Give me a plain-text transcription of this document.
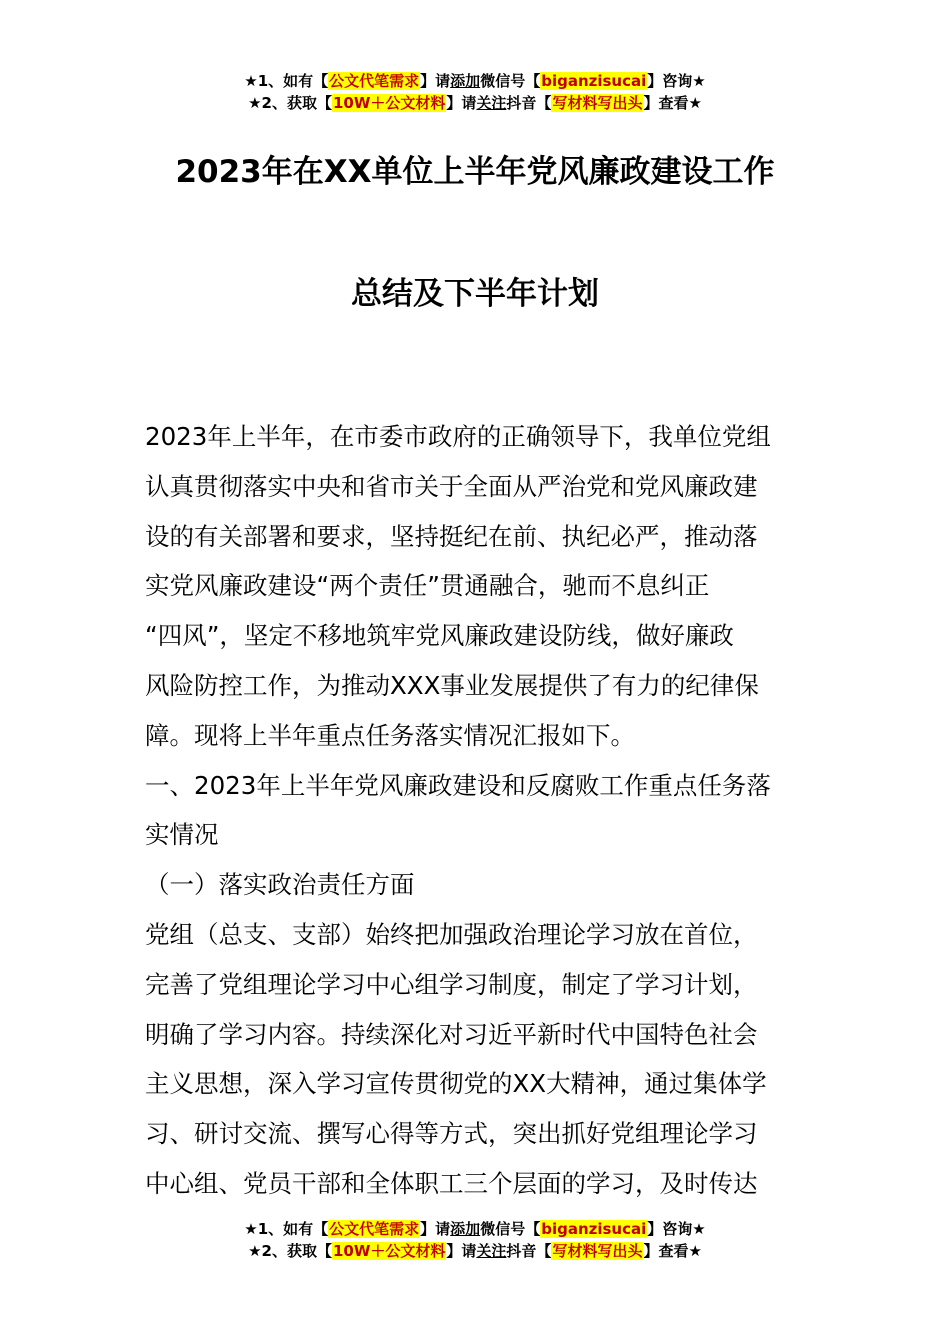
★1、如有【公文代笔需求】请添加微信号【biganzisucai】咨询★
★2、获取【10W＋公文材料】请关注抖音【写材料写出头】查看★
2023年在XX单位上半年党风廉政建设工作
总结及下半年计划

2023年上半年，在市委市政府的正确领导下，我单位党组

认真贯彻落实中央和省市关于全面从严治党和党风廉政建

设的有关部署和要求，坚持挺纪在前、执纪必严，推动落

实党风廉政建设“两个责任”贯通融合，驰而不息纠正

“四风”，坚定不移地筑牢党风廉政建设防线，做好廉政

风险防控工作，为推动XXX事业发展提供了有力的纪律保

障。现将上半年重点任务落实情况汇报如下。

一、2023年上半年党风廉政建设和反腐败工作重点任务落

实情况

（一）落实政治责任方面

党组（总支、支部）始终把加强政治理论学习放在首位，

完善了党组理论学习中心组学习制度，制定了学习计划，

明确了学习内容。持续深化对习近平新时代中国特色社会

主义思想，深入学习宣传贯彻党的XX大精神，通过集体学

习、研讨交流、撰写心得等方式，突出抓好党组理论学习

中心组、党员干部和全体职工三个层面的学习，及时传达

★1、如有【公文代笔需求】请添加微信号【biganzisucai】咨询★
★2、获取【10W＋公文材料】请关注抖音【写材料写出头】查看★
